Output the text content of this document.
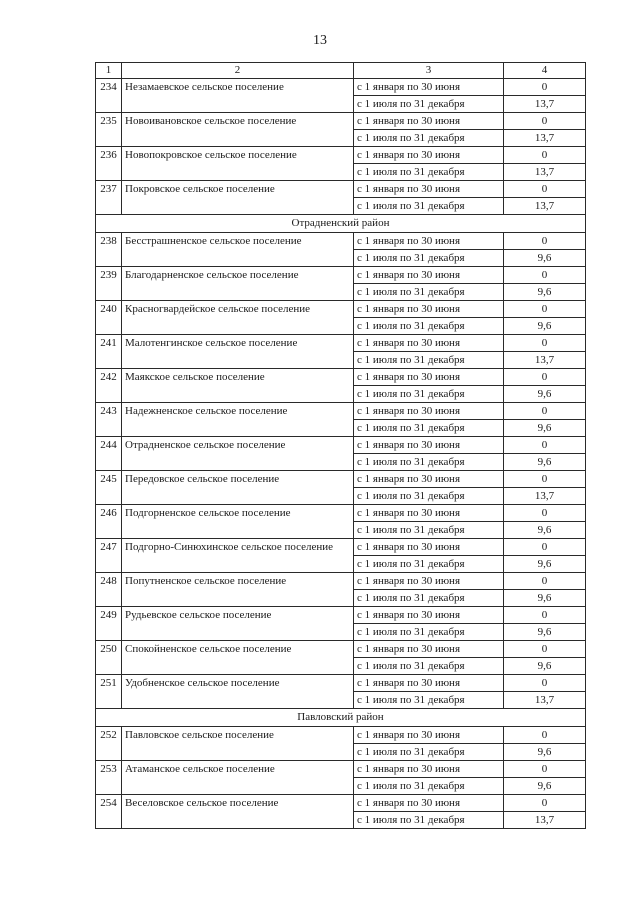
13
1	2	3	4
234	Незамаевское сельское поселение	с 1 января по 30 июня	0
		с 1 июля по 31 декабря	13,7
235	Новоивановское сельское поселение	с 1 января по 30 июня	0
		с 1 июля по 31 декабря	13,7
236	Новопокровское сельское поселение	с 1 января по 30 июня	0
		с 1 июля по 31 декабря	13,7
237	Покровское сельское поселение	с 1 января по 30 июня	0
		с 1 июля по 31 декабря	13,7
Отрадненский район			
238	Бесстрашненское сельское поселение	с 1 января по 30 июня	0
		с 1 июля по 31 декабря	9,6
239	Благодарненское сельское поселение	с 1 января по 30 июня	0
		с 1 июля по 31 декабря	9,6
240	Красногвардейское сельское поселение	с 1 января по 30 июня	0
		с 1 июля по 31 декабря	9,6
241	Малотенгинское сельское поселение	с 1 января по 30 июня	0
		с 1 июля по 31 декабря	13,7
242	Маякское сельское поселение	с 1 января по 30 июня	0
		с 1 июля по 31 декабря	9,6
243	Надежненское сельское поселение	с 1 января по 30 июня	0
		с 1 июля по 31 декабря	9,6
244	Отрадненское сельское поселение	с 1 января по 30 июня	0
		с 1 июля по 31 декабря	9,6
245	Передовское сельское поселение	с 1 января по 30 июня	0
		с 1 июля по 31 декабря	13,7
246	Подгорненское сельское поселение	с 1 января по 30 июня	0
		с 1 июля по 31 декабря	9,6
247	Подгорно-Синюхинское сельское поселение	с 1 января по 30 июня	0
		с 1 июля по 31 декабря	9,6
248	Попутненское сельское поселение	с 1 января по 30 июня	0
		с 1 июля по 31 декабря	9,6
249	Рудьевское сельское поселение	с 1 января по 30 июня	0
		с 1 июля по 31 декабря	9,6
250	Спокойненское сельское поселение	с 1 января по 30 июня	0
		с 1 июля по 31 декабря	9,6
251	Удобненское сельское поселение	с 1 января по 30 июня	0
		с 1 июля по 31 декабря	13,7
Павловский район			
252	Павловское сельское поселение	с 1 января по 30 июня	0
		с 1 июля по 31 декабря	9,6
253	Атаманское сельское поселение	с 1 января по 30 июня	0
		с 1 июля по 31 декабря	9,6
254	Веселовское сельское поселение	с 1 января по 30 июня	0
		с 1 июля по 31 декабря	13,7
